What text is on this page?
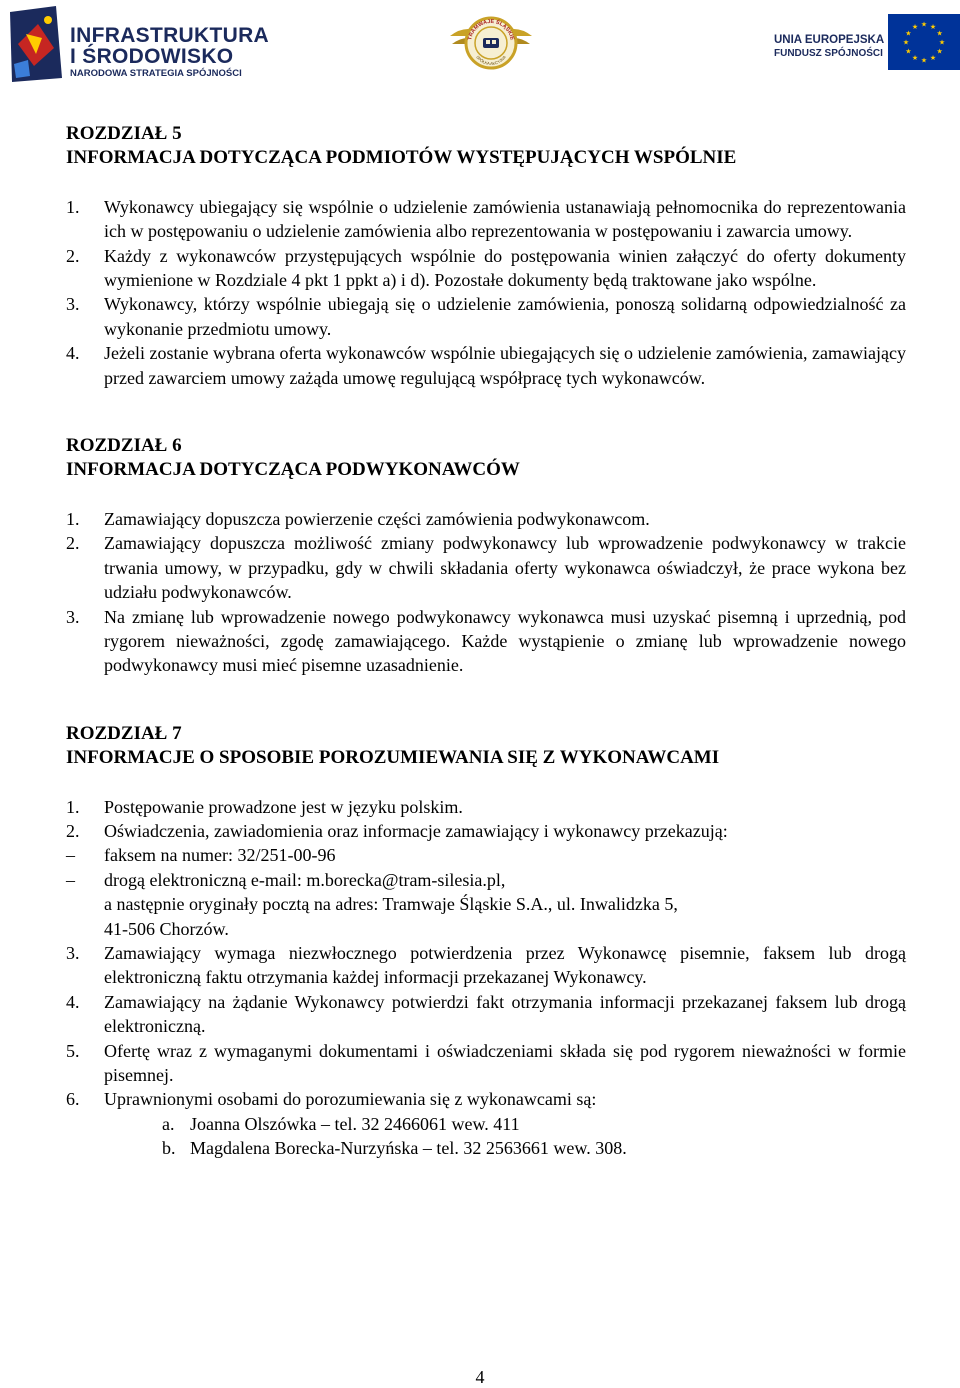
INFRASTRUKTURA
I ŚRODOWISKO
NARODOWA STRATEGIA SPÓJNOŚCI
TRAMWAJE ŚLĄSKIE
SPÓŁKA AKCYJNA
UNIA EUROPEJSKA
FUNDUSZ SPÓJNOŚCI
★ ★
★
★
★
★
★
★
★
★
★
★
ROZDZIAŁ 5
INFORMACJA DOTYCZĄCA PODMIOTÓW WYSTĘPUJĄCYCH WSPÓLNIE
1. Wykonawcy ubiegający się wspólnie o udzielenie zamówienia ustanawiają pełnomocnika do reprezentowania ich w postępowaniu o udzielenie zamówienia albo reprezentowania w postępowaniu i zawarcia umowy.
2. Każdy z wykonawców przystępujących wspólnie do postępowania winien załączyć do oferty dokumenty wymienione w Rozdziale 4 pkt 1 ppkt a) i d). Pozostałe dokumenty będą traktowane jako wspólne.
3. Wykonawcy, którzy wspólnie ubiegają się o udzielenie zamówienia, ponoszą solidarną odpowiedzialność za wykonanie przedmiotu umowy.
4. Jeżeli zostanie wybrana oferta wykonawców wspólnie ubiegających się o udzielenie zamówienia, zamawiający przed zawarciem umowy zażąda umowę regulującą współpracę tych wykonawców.
ROZDZIAŁ 6
INFORMACJA DOTYCZĄCA PODWYKONAWCÓW
1. Zamawiający dopuszcza powierzenie części zamówienia podwykonawcom.
2. Zamawiający dopuszcza możliwość zmiany podwykonawcy lub wprowadzenie podwykonawcy w trakcie trwania umowy, w przypadku, gdy w chwili składania oferty wykonawca oświadczył, że prace wykona bez udziału podwykonawców.
3. Na zmianę lub wprowadzenie nowego podwykonawcy wykonawca musi uzyskać pisemną i uprzednią, pod rygorem nieważności, zgodę zamawiającego. Każde wystąpienie o zmianę lub wprowadzenie nowego podwykonawcy musi mieć pisemne uzasadnienie.
ROZDZIAŁ 7
INFORMACJE O SPOSOBIE POROZUMIEWANIA SIĘ Z WYKONAWCAMI
1. Postępowanie prowadzone jest w języku polskim.
2. Oświadczenia, zawiadomienia oraz informacje zamawiający i wykonawcy przekazują:
– faksem na numer: 32/251-00-96
– drogą elektroniczną e-mail: m.borecka@tram-silesia.pl,
a następnie oryginały pocztą na adres: Tramwaje Śląskie S.A., ul. Inwalidzka 5,
41-506 Chorzów.
3. Zamawiający wymaga niezwłocznego potwierdzenia przez Wykonawcę pisemnie, faksem lub drogą elektroniczną faktu otrzymania każdej informacji przekazanej Wykonawcy.
4. Zamawiający na żądanie Wykonawcy potwierdzi fakt otrzymania informacji przekazanej faksem lub drogą elektroniczną.
5. Ofertę wraz z wymaganymi dokumentami i oświadczeniami składa się pod rygorem nieważności w formie pisemnej.
6. Uprawnionymi osobami do porozumiewania się z wykonawcami są:
a. Joanna Olszówka – tel. 32 2466061 wew. 411
b. Magdalena Borecka-Nurzyńska – tel. 32 2563661 wew. 308.
4
